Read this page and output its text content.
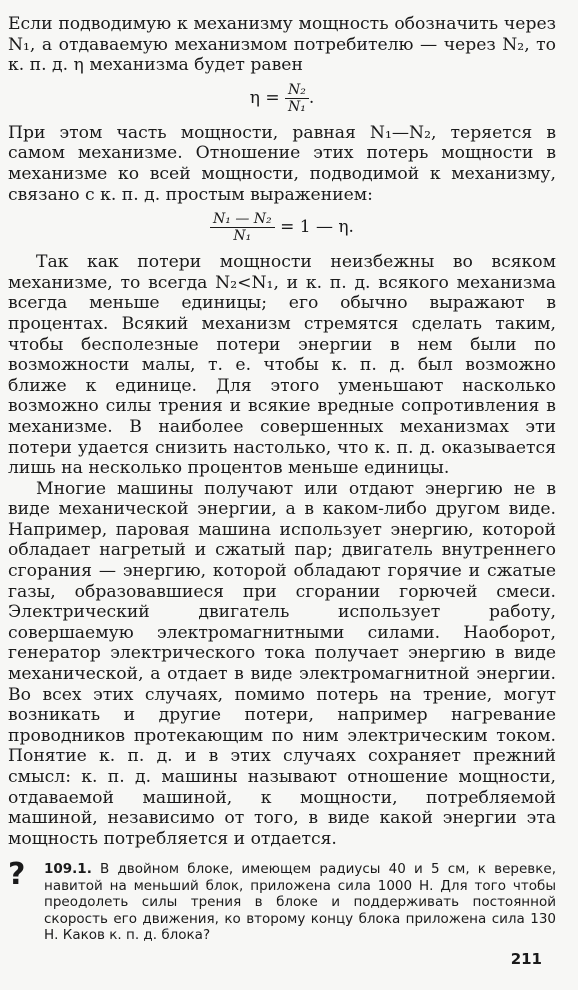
Если подводимую к механизму мощность обозначить через N₁, а отдаваемую механизмом потребителю — через N₂, то к. п. д. η механизма будет равен

$\eta = \frac{\text{N₂}}{\text{N₁}}$ .

При этом часть мощности, равная N₁—N₂, теряется в самом механизме. Отношение этих потерь мощности в механизме ко всей мощности, подводимой к механизму, связано с к. п. д. простым выражением:

$\frac{\text{N₁ — N₂}}{\text{N₁}} = 1$ — η.

Так как потери мощности неизбежны во всяком механизме, то всегда N₂<N₁, и к. п. д. всякого механизма всегда меньше единицы; его обычно выражают в процентах. Всякий механизм стремятся сделать таким, чтобы бесполезные потери энергии в нем были по возможности малы, т. е. чтобы к. п. д. был возможно ближе к единице. Для этого уменьшают насколько возможно силы трения и всякие вредные сопротивления в механизме. В наиболее совершенных механизмах эти потери удается снизить настолько, что к. п. д. оказывается лишь на несколько процентов меньше единицы.

Многие машины получают или отдают энергию не в виде механической энергии, а в каком-либо другом виде. Например, паровая машина использует энергию, которой обладает нагретый и сжатый пар; двигатель внутреннего сгорания — энергию, которой обладают горячие и сжатые газы, образовавшиеся при сгорании горючей смеси. Электрический двигатель использует работу, совершаемую электромагнитными силами. Наоборот, генератор электрического тока получает энергию в виде механической, а отдает в виде электромагнитной энергии. Во всех этих случаях, помимо потерь на трение, могут возникать и другие потери, например нагревание проводников протекающим по ним электрическим током. Понятие к. п. д. и в этих случаях сохраняет прежний смысл: к. п. д. машины называют отношение мощности, отдаваемой машиной, к мощности, потребляемой машиной, независимо от того, в виде какой энергии эта мощность потребляется и отдается.

? 109.1. В двойном блоке, имеющем радиусы 40 и 5 см, к веревке, навитой на меньший блок, приложена сила 1000 Н. Для того чтобы преодолеть силы трения в блоке и поддерживать постоянной скорость его движения, ко второму концу блока приложена сила 130 Н. Каков к. п. д. блока?

211
